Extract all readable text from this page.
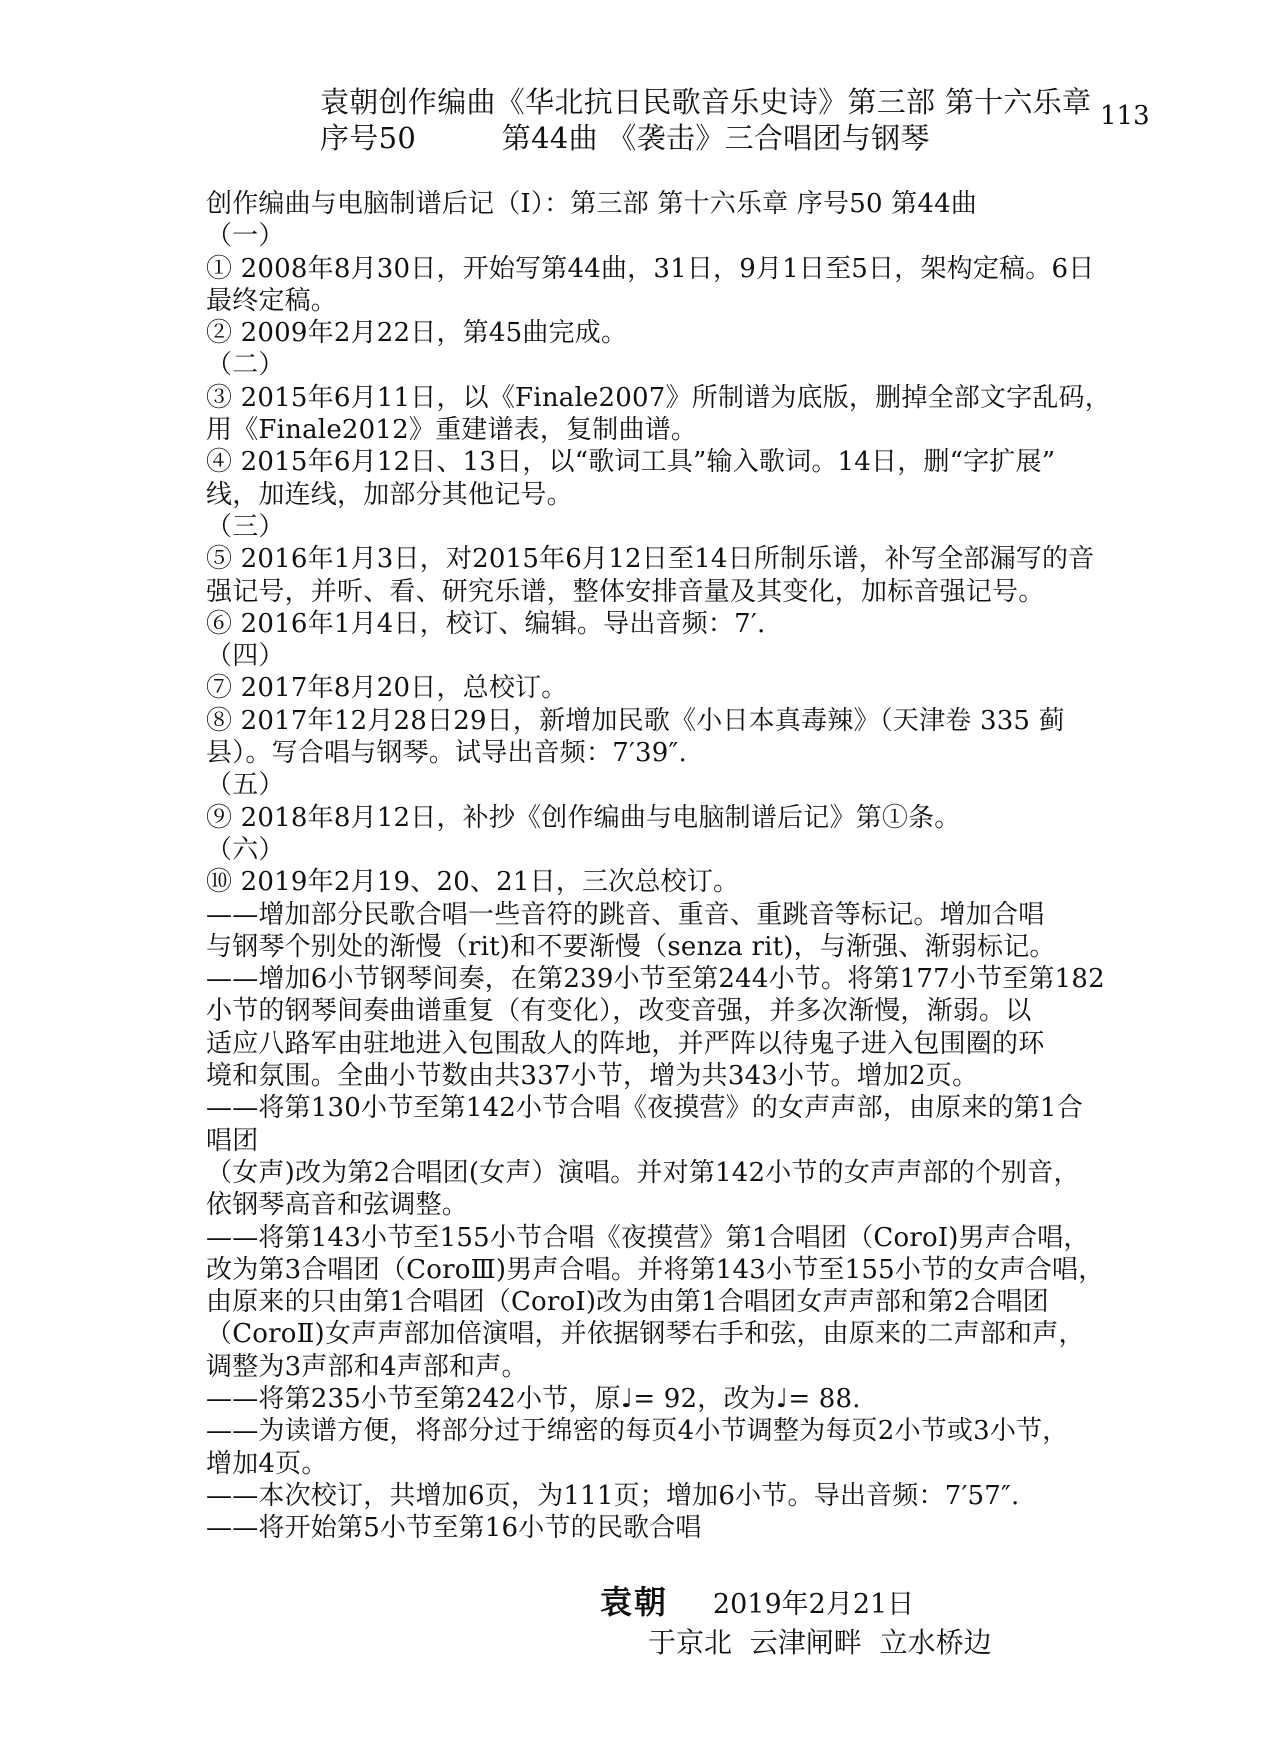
袁朝创作编曲《华北抗日民歌音乐史诗》第三部 第十六乐章
序号50         第44曲 《袭击》三合唱团与钢琴
113
创作编曲与电脑制谱后记（Ⅰ）：第三部 第十六乐章 序号50 第44曲
（一）
① 2008年8月30日，开始写第44曲，31日，9月1日至5日，架构定稿。6日
最终定稿。
② 2009年2月22日，第45曲完成。
（二）
③ 2015年6月11日，以《Finale2007》所制谱为底版，删掉全部文字乱码，
用《Finale2012》重建谱表，复制曲谱。
④ 2015年6月12日、13日，以“歌词工具”输入歌词。14日，删“字扩展”
线，加连线，加部分其他记号。
（三）
⑤ 2016年1月3日，对2015年6月12日至14日所制乐谱，补写全部漏写的音
强记号，并听、看、研究乐谱，整体安排音量及其变化，加标音强记号。
⑥ 2016年1月4日，校订、编辑。导出音频：7′.
（四）
⑦ 2017年8月20日，总校订。
⑧ 2017年12月28日29日，新增加民歌《小日本真毒辣》（天津卷 335 蓟
县）。写合唱与钢琴。试导出音频：7′39″.
（五）
⑨ 2018年8月12日，补抄《创作编曲与电脑制谱后记》第①条。
（六）
⑩ 2019年2月19、20、21日，三次总校订。
——增加部分民歌合唱一些音符的跳音、重音、重跳音等标记。增加合唱
与钢琴个别处的渐慢（rit)和不要渐慢（senza rit)，与渐强、渐弱标记。
——增加6小节钢琴间奏，在第239小节至第244小节。将第177小节至第182
小节的钢琴间奏曲谱重复（有变化），改变音强，并多次渐慢，渐弱。以
适应八路军由驻地进入包围敌人的阵地，并严阵以待鬼子进入包围圈的环
境和氛围。全曲小节数由共337小节，增为共343小节。增加2页。
——将第130小节至第142小节合唱《夜摸营》的女声声部，由原来的第1合
唱团
（女声)改为第2合唱团(女声）演唱。并对第142小节的女声声部的个别音，
依钢琴高音和弦调整。
——将第143小节至155小节合唱《夜摸营》第1合唱团（CoroⅠ)男声合唱，
改为第3合唱团（CoroⅢ)男声合唱。并将第143小节至155小节的女声合唱，
由原来的只由第1合唱团（CoroⅠ)改为由第1合唱团女声声部和第2合唱团
（CoroⅡ)女声声部加倍演唱，并依据钢琴右手和弦，由原来的二声部和声，
调整为3声部和4声部和声。
——将第235小节至第242小节，原♩= 92，改为♩= 88.
——为读谱方便，将部分过于绵密的每页4小节调整为每页2小节或3小节，
增加4页。
——本次校订，共增加6页，为111页；增加6小节。导出音频：7′57″.
——将开始第5小节至第16小节的民歌合唱
袁朝 2019年2月21日
于京北  云津闸畔  立水桥边
